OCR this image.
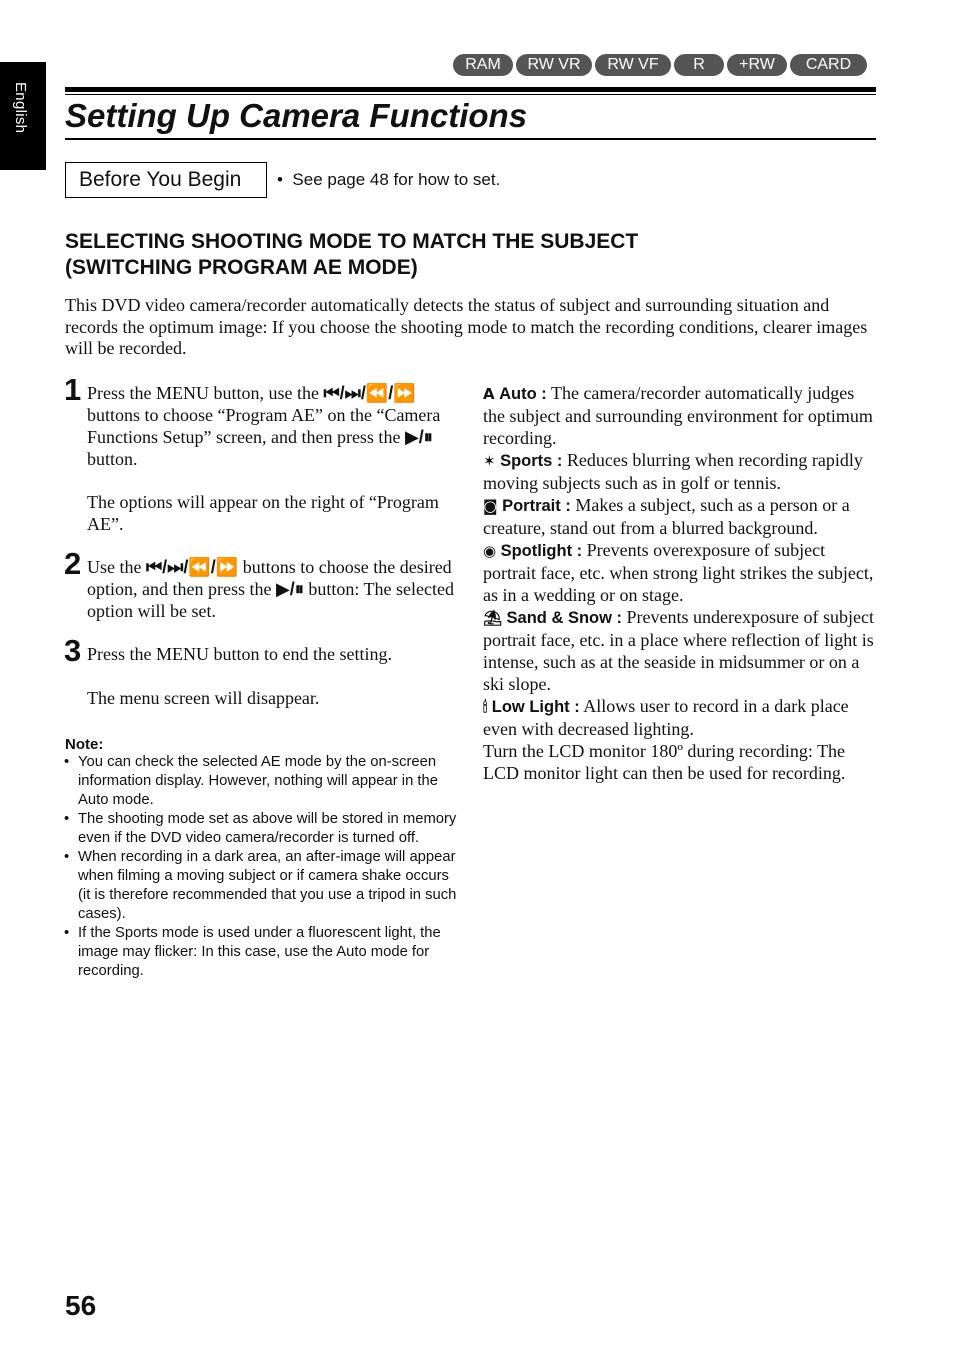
English
RAM	RW VR	RW VF	R	+RW	CARD
Setting Up Camera Functions
Before You Begin	•  See page 48 for how to set.
SELECTING SHOOTING MODE TO MATCH THE SUBJECT
(SWITCHING PROGRAM AE MODE)

This DVD video camera/recorder automatically detects the status of subject and surrounding situation and records the optimum image: If you choose the shooting mode to match the recording conditions, clearer images will be recorded.

1 Press the MENU button, use the ⏮/⏭/⏪/⏩ buttons to choose “Program AE” on the “Camera Functions Setup” screen, and then press the ▶/⏸ button.

The options will appear on the right of “Program AE”.

2 Use the ⏮/⏭/⏪/⏩ buttons to choose the desired option, and then press the ▶/⏸ button: The selected option will be set.

3 Press the MENU button to end the setting.

The menu screen will disappear.

Note:
• You can check the selected AE mode by the on-screen information display. However, nothing will appear in the Auto mode.
• The shooting mode set as above will be stored in memory even if the DVD video camera/recorder is turned off.
• When recording in a dark area, an after-image will appear when filming a moving subject or if camera shake occurs (it is therefore recommended that you use a tripod in such cases).
• If the Sports mode is used under a fluorescent light, the image may flicker: In this case, use the Auto mode for recording.

A Auto : The camera/recorder automatically judges the subject and surrounding environment for optimum recording.

✶ Sports : Reduces blurring when recording rapidly moving subjects such as in golf or tennis.

◙ Portrait : Makes a subject, such as a person or a creature, stand out from a blurred background.

◉ Spotlight : Prevents overexposure of subject portrait face, etc. when strong light strikes the subject, as in a wedding or on stage.

⛱ Sand & Snow : Prevents underexposure of subject portrait face, etc. in a place where reflection of light is intense, such as at the seaside in midsummer or on a ski slope.

🕯 Low Light : Allows user to record in a dark place even with decreased lighting.

Turn the LCD monitor 180º during recording: The LCD monitor light can then be used for recording.

56
